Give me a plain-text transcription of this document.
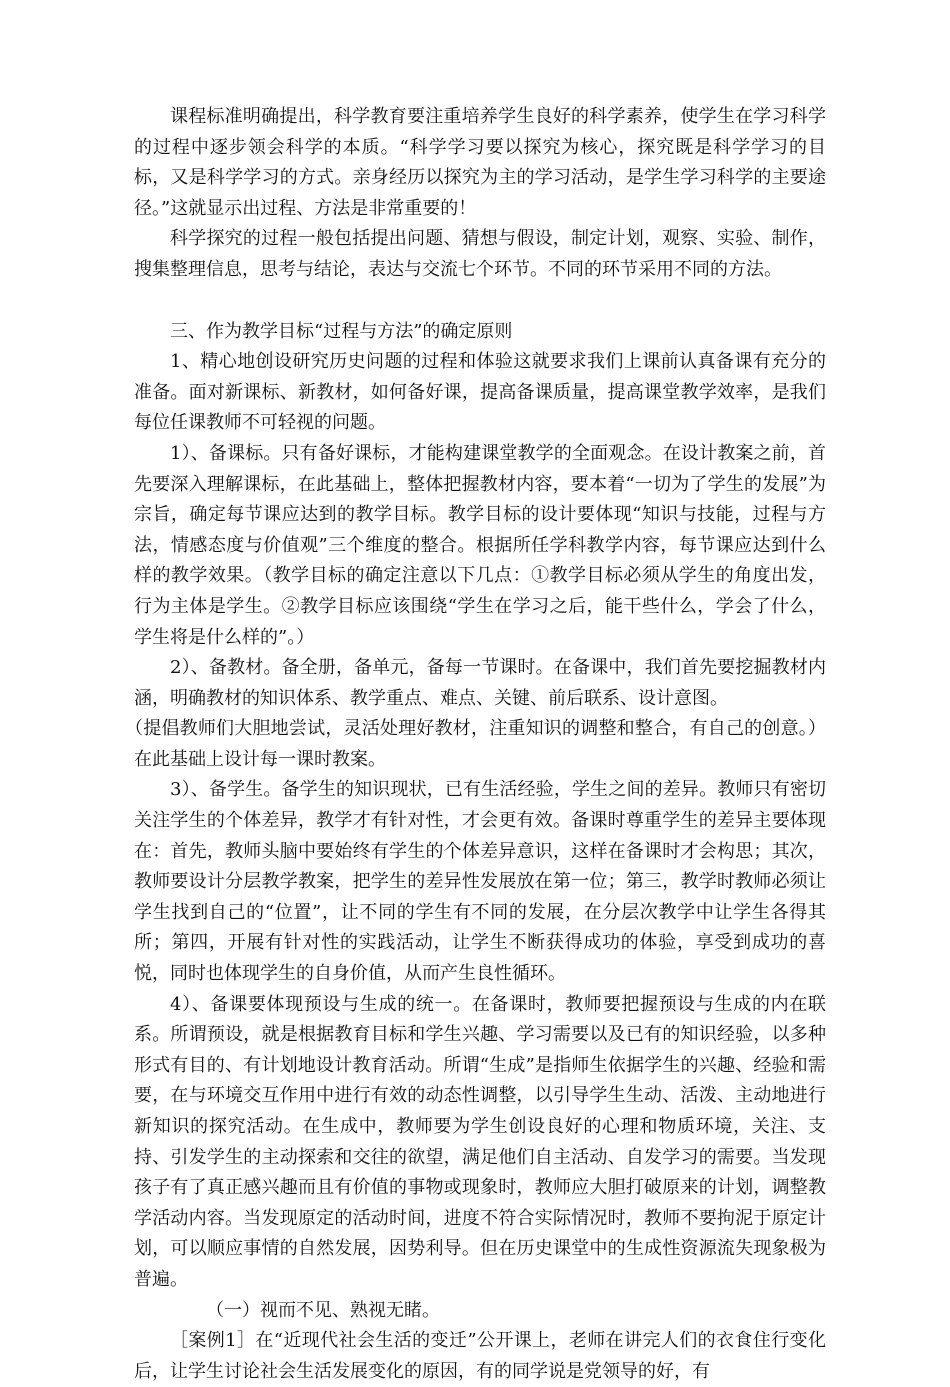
课程标准明确提出，科学教育要注重培养学生良好的科学素养，使学生在学习科学的过程中逐步领会科学的本质。“科学学习要以探究为核心，探究既是科学学习的目标，又是科学学习的方式。亲身经历以探究为主的学习活动，是学生学习科学的主要途径。”这就显示出过程、方法是非常重要的！

科学探究的过程一般包括提出问题、猜想与假设，制定计划，观察、实验、制作，搜集整理信息，思考与结论，表达与交流七个环节。不同的环节采用不同的方法。

三、作为教学目标“过程与方法”的确定原则

1、精心地创设研究历史问题的过程和体验这就要求我们上课前认真备课有充分的准备。面对新课标、新教材，如何备好课，提高备课质量，提高课堂教学效率，是我们每位任课教师不可轻视的问题。

1）、备课标。只有备好课标，才能构建课堂教学的全面观念。在设计教案之前，首先要深入理解课标，在此基础上，整体把握教材内容，要本着“一切为了学生的发展”为宗旨，确定每节课应达到的教学目标。教学目标的设计要体现“知识与技能，过程与方法，情感态度与价值观”三个维度的整合。根据所任学科教学内容，每节课应达到什么样的教学效果。（教学目标的确定注意以下几点：①教学目标必须从学生的角度出发，行为主体是学生。②教学目标应该围绕“学生在学习之后，能干些什么，学会了什么，学生将是什么样的”。）

2）、备教材。备全册，备单元，备每一节课时。在备课中，我们首先要挖掘教材内涵，明确教材的知识体系、教学重点、难点、关键、前后联系、设计意图。

（提倡教师们大胆地尝试，灵活处理好教材，注重知识的调整和整合，有自己的创意。）在此基础上设计每一课时教案。

3）、备学生。备学生的知识现状，已有生活经验，学生之间的差异。教师只有密切关注学生的个体差异，教学才有针对性，才会更有效。备课时尊重学生的差异主要体现在：首先，教师头脑中要始终有学生的个体差异意识，这样在备课时才会构思；其次，教师要设计分层教学教案，把学生的差异性发展放在第一位；第三，教学时教师必须让学生找到自己的“位置”，让不同的学生有不同的发展，在分层次教学中让学生各得其所；第四，开展有针对性的实践活动，让学生不断获得成功的体验，享受到成功的喜悦，同时也体现学生的自身价值，从而产生良性循环。

4）、备课要体现预设与生成的统一。在备课时，教师要把握预设与生成的内在联系。所谓预设，就是根据教育目标和学生兴趣、学习需要以及已有的知识经验，以多种形式有目的、有计划地设计教育活动。所谓“生成”是指师生依据学生的兴趣、经验和需要，在与环境交互作用中进行有效的动态性调整，以引导学生生动、活泼、主动地进行新知识的探究活动。在生成中，教师要为学生创设良好的心理和物质环境，关注、支持、引发学生的主动探索和交往的欲望，满足他们自主活动、自发学习的需要。当发现孩子有了真正感兴趣而且有价值的事物或现象时，教师应大胆打破原来的计划，调整教学活动内容。当发现原定的活动时间，进度不符合实际情况时，教师不要拘泥于原定计划，可以顺应事情的自然发展，因势利导。但在历史课堂中的生成性资源流失现象极为普遍。

（一）视而不见、熟视无睹。

［案例1］在“近现代社会生活的变迁”公开课上，老师在讲完人们的衣食住行变化后，让学生讨论社会生活发展变化的原因，有的同学说是党领导的好，有
